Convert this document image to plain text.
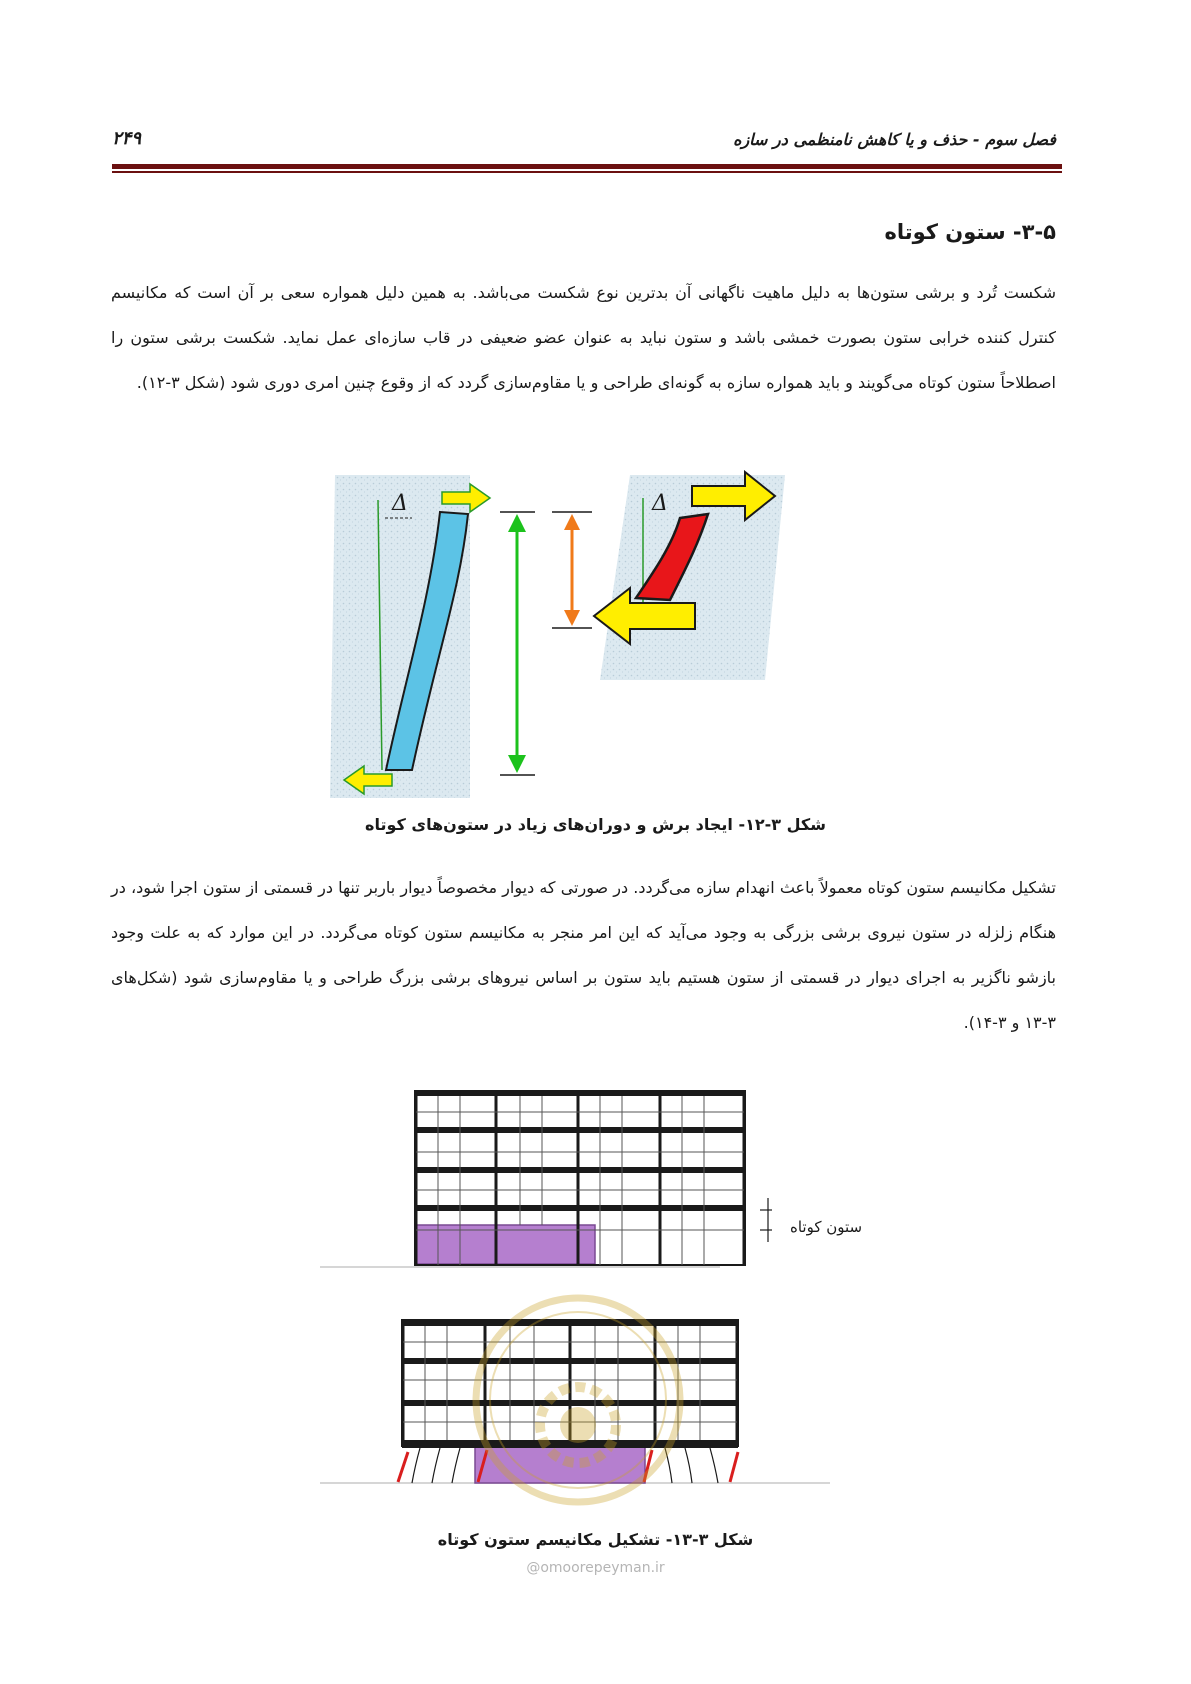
فصل سوم - حذف و یا کاهش نامنظمی در سازه
۲۴۹
۳-۵- ستون کوتاه
شکست تُرد و برشی ستون‌ها به دلیل ماهیت ناگهانی آن بدترین نوع شکست می‌باشد. به همین دلیل همواره سعی بر آن است که مکانیسم کنترل کننده خرابی ستون بصورت خمشی باشد و ستون نباید به عنوان عضو ضعیفی در قاب سازه‌ای عمل نماید. شکست برشی ستون را اصطلاحاً ستون کوتاه می‌گویند و باید همواره سازه به گونه‌ای طراحی و یا مقاوم‌سازی گردد که از وقوع چنین امری دوری شود (شکل ۳-۱۲).
Δ	Δ
شکل ۳-۱۲- ایجاد برش و دوران‌های زیاد در ستون‌های کوتاه
تشکیل مکانیسم ستون کوتاه معمولاً باعث انهدام سازه می‌گردد. در صورتی که دیوار مخصوصاً دیوار باربر تنها در قسمتی از ستون اجرا شود، در هنگام زلزله در ستون نیروی برشی بزرگی به وجود می‌آید که این امر منجر به مکانیسم ستون کوتاه می‌گردد. در این موارد که به علت وجود بازشو ناگزیر به اجرای دیوار در قسمتی از ستون هستیم باید ستون بر اساس نیروهای برشی بزرگ طراحی و یا مقاوم‌سازی شود (شکل‌های ۳-۱۳ و ۳-۱۴).
ستون کوتاه
شکل ۳-۱۳- تشکیل مکانیسم ستون کوتاه
@omoorepeyman.ir
